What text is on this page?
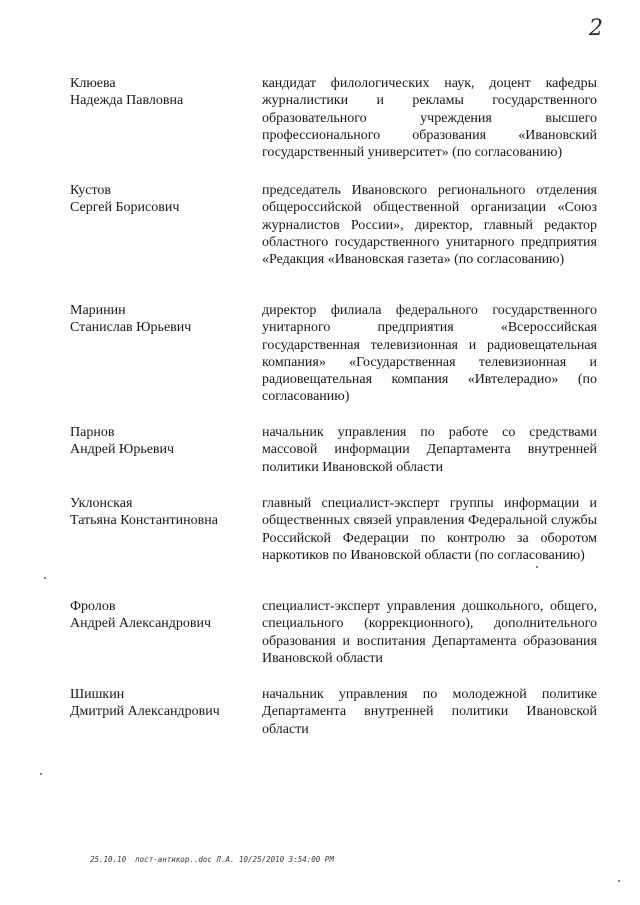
2
Клюева
Надежда Павловна
кандидат филологических наук, доцент кафедры журналистики и рекламы государственного образовательного учреждения высшего профессионального образования «Ивановский государственный университет» (по согласованию)
Кустов
Сергей Борисович
председатель Ивановского регионального отделения общероссийской общественной организации «Союз журналистов России», директор, главный редактор областного государственного унитарного предприятия «Редакция «Ивановская газета» (по согласованию)
Маринин
Станислав Юрьевич
директор филиала федерального государственного унитарного предприятия «Всероссийская государственная телевизионная и радиовещательная компания» «Государственная телевизионная и радиовещательная компания «Ивтелерадио» (по согласованию)
Парнов
Андрей Юрьевич
начальник управления по работе со средствами массовой информации Департамента внутренней политики Ивановской области
Уклонская
Татьяна Константиновна
главный специалист-эксперт группы информации и общественных связей управления Федеральной службы Российской Федерации по контролю за оборотом наркотиков по Ивановской области (по согласованию)
Фролов
Андрей Александрович
специалист-эксперт управления дошкольного, общего, специального (коррекционного), дополнительного образования и воспитания Департамента образования Ивановской области
Шишкин
Дмитрий Александрович
начальник управления по молодежной политике Департамента внутренней политики Ивановской области
25.10.10  пост-антикор..doc Л.А. 10/25/2010 3:54:00 PM
